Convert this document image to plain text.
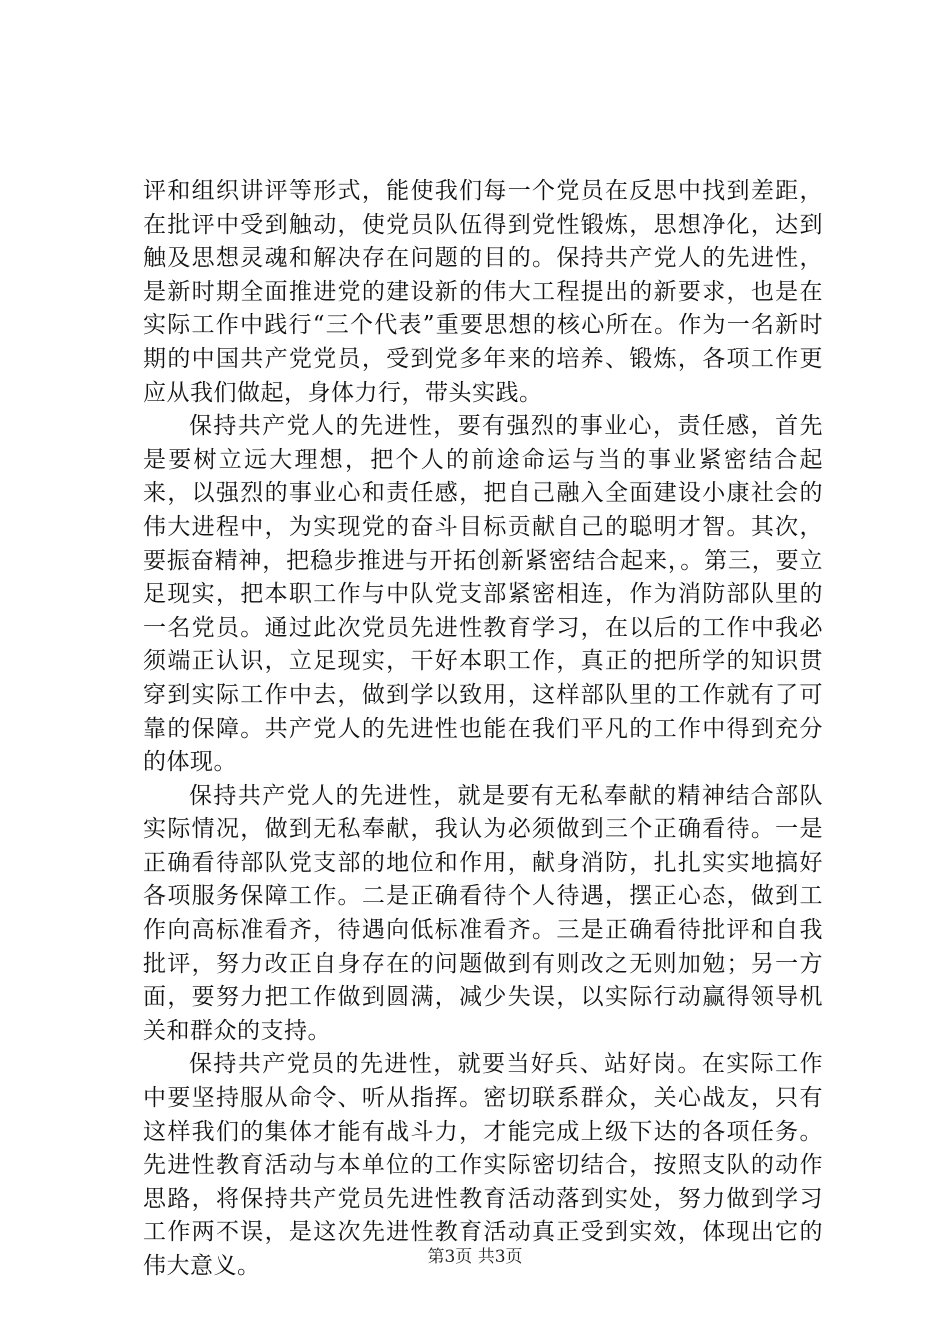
评和组织讲评等形式，能使我们每一个党员在反思中找到差距，在批评中受到触动，使党员队伍得到党性锻炼，思想净化，达到触及思想灵魂和解决存在问题的目的。保持共产党人的先进性，是新时期全面推进党的建设新的伟大工程提出的新要求，也是在实际工作中践行“三个代表”重要思想的核心所在。作为一名新时期的中国共产党党员，受到党多年来的培养、锻炼，各项工作更应从我们做起，身体力行，带头实践。

保持共产党人的先进性，要有强烈的事业心，责任感，首先是要树立远大理想，把个人的前途命运与当的事业紧密结合起来，以强烈的事业心和责任感，把自己融入全面建设小康社会的伟大进程中，为实现党的奋斗目标贡献自己的聪明才智。其次，要振奋精神，把稳步推进与开拓创新紧密结合起来，。第三，要立足现实，把本职工作与中队党支部紧密相连，作为消防部队里的一名党员。通过此次党员先进性教育学习，在以后的工作中我必须端正认识，立足现实，干好本职工作，真正的把所学的知识贯穿到实际工作中去，做到学以致用，这样部队里的工作就有了可靠的保障。共产党人的先进性也能在我们平凡的工作中得到充分的体现。

保持共产党人的先进性，就是要有无私奉献的精神结合部队实际情况，做到无私奉献，我认为必须做到三个正确看待。一是正确看待部队党支部的地位和作用，献身消防，扎扎实实地搞好各项服务保障工作。二是正确看待个人待遇，摆正心态，做到工作向高标准看齐，待遇向低标准看齐。三是正确看待批评和自我批评，努力改正自身存在的问题做到有则改之无则加勉；另一方面，要努力把工作做到圆满，减少失误，以实际行动赢得领导机关和群众的支持。

保持共产党员的先进性，就要当好兵、站好岗。在实际工作中要坚持服从命令、听从指挥。密切联系群众，关心战友，只有这样我们的集体才能有战斗力，才能完成上级下达的各项任务。先进性教育活动与本单位的工作实际密切结合，按照支队的动作思路，将保持共产党员先进性教育活动落到实处，努力做到学习工作两不误，是这次先进性教育活动真正受到实效，体现出它的伟大意义。	第3页 共3页
